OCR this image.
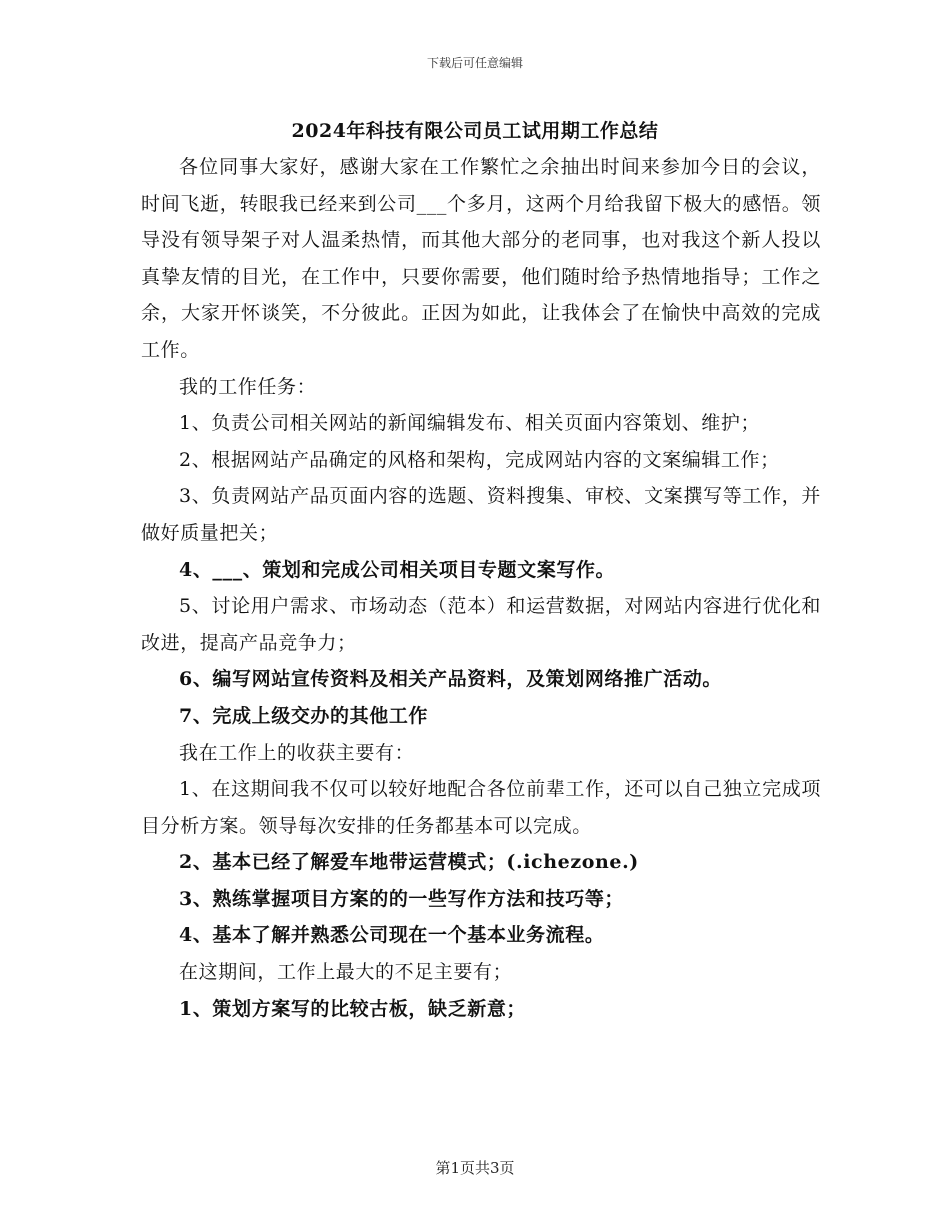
下载后可任意编辑
2024年科技有限公司员工试用期工作总结

各位同事大家好，感谢大家在工作繁忙之余抽出时间来参加今日的会议，时间飞逝，转眼我已经来到公司___个多月，这两个月给我留下极大的感悟。领导没有领导架子对人温柔热情，而其他大部分的老同事，也对我这个新人投以真挚友情的目光，在工作中，只要你需要，他们随时给予热情地指导；工作之余，大家开怀谈笑，不分彼此。正因为如此，让我体会了在愉快中高效的完成工作。

我的工作任务：

1、负责公司相关网站的新闻编辑发布、相关页面内容策划、维护；

2、根据网站产品确定的风格和架构，完成网站内容的文案编辑工作；

3、负责网站产品页面内容的选题、资料搜集、审校、文案撰写等工作，并做好质量把关；

4、___、策划和完成公司相关项目专题文案写作。

5、讨论用户需求、市场动态（范本）和运营数据，对网站内容进行优化和改进，提高产品竞争力；

6、编写网站宣传资料及相关产品资料，及策划网络推广活动。

7、完成上级交办的其他工作

我在工作上的收获主要有：

1、在这期间我不仅可以较好地配合各位前辈工作，还可以自己独立完成项目分析方案。领导每次安排的任务都基本可以完成。

2、基本已经了解爱车地带运营模式；(.ichezone.)

3、熟练掌握项目方案的的一些写作方法和技巧等；

4、基本了解并熟悉公司现在一个基本业务流程。

在这期间，工作上最大的不足主要有；

1、策划方案写的比较古板，缺乏新意；

第1页共3页
